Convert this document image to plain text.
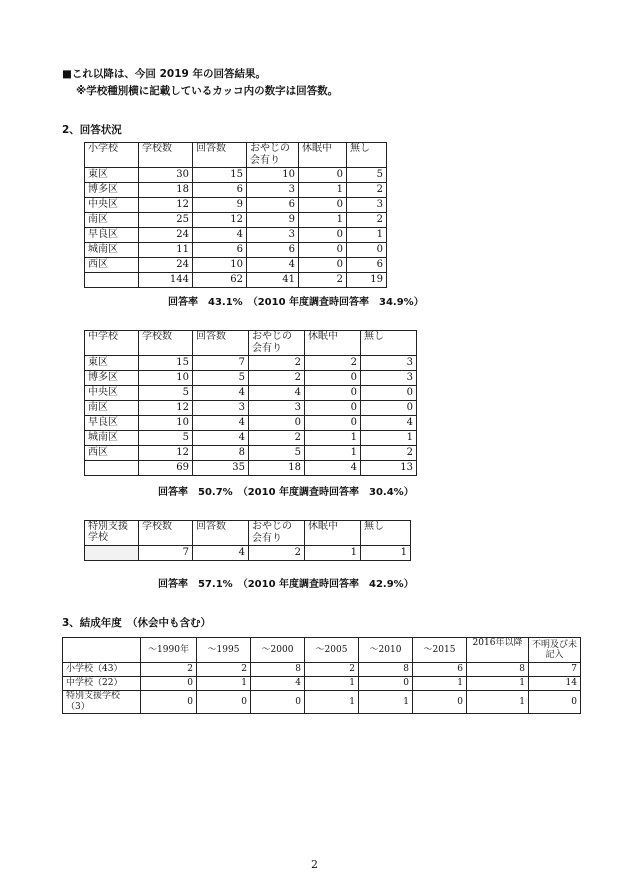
■これ以降は、今回 2019 年の回答結果。
※学校種別横に記載しているカッコ内の数字は回答数。
2、回答状況
小学校	学校数	回答数	おやじの会有り	休眠中	無し
東区	30	15	10	0	5
博多区	18	6	3	1	2
中央区	12	9	6	0	3
南区	25	12	9	1	2
早良区	24	4	3	0	1
城南区	11	6	6	0	0
西区	24	10	4	0	6
	144	62	41	2	19
回答率　43.1%　（2010 年度調査時回答率　34.9%）
中学校	学校数	回答数	おやじの会有り	休眠中	無し
東区	15	7	2	2	3
博多区	10	5	2	0	3
中央区	5	4	4	0	0
南区	12	3	3	0	0
早良区	10	4	0	0	4
城南区	5	4	2	1	1
西区	12	8	5	1	2
	69	35	18	4	13
回答率　50.7%　（2010 年度調査時回答率　30.4%）
特別支援学校	学校数	回答数	おやじの会有り	休眠中	無し
	7	4	2	1	1
回答率　57.1%　（2010 年度調査時回答率　42.9%）
3、結成年度　（休会中も含む）
	～1990年	～1995	～2000	～2005	～2010	～2015	2016年以降	不明及び未記入
小学校（43）	2	2	8	2	8	6	8	7
中学校（22）	0	1	4	1	0	1	1	14
特別支援学校（3）	0	0	0	1	1	0	1	0
2
